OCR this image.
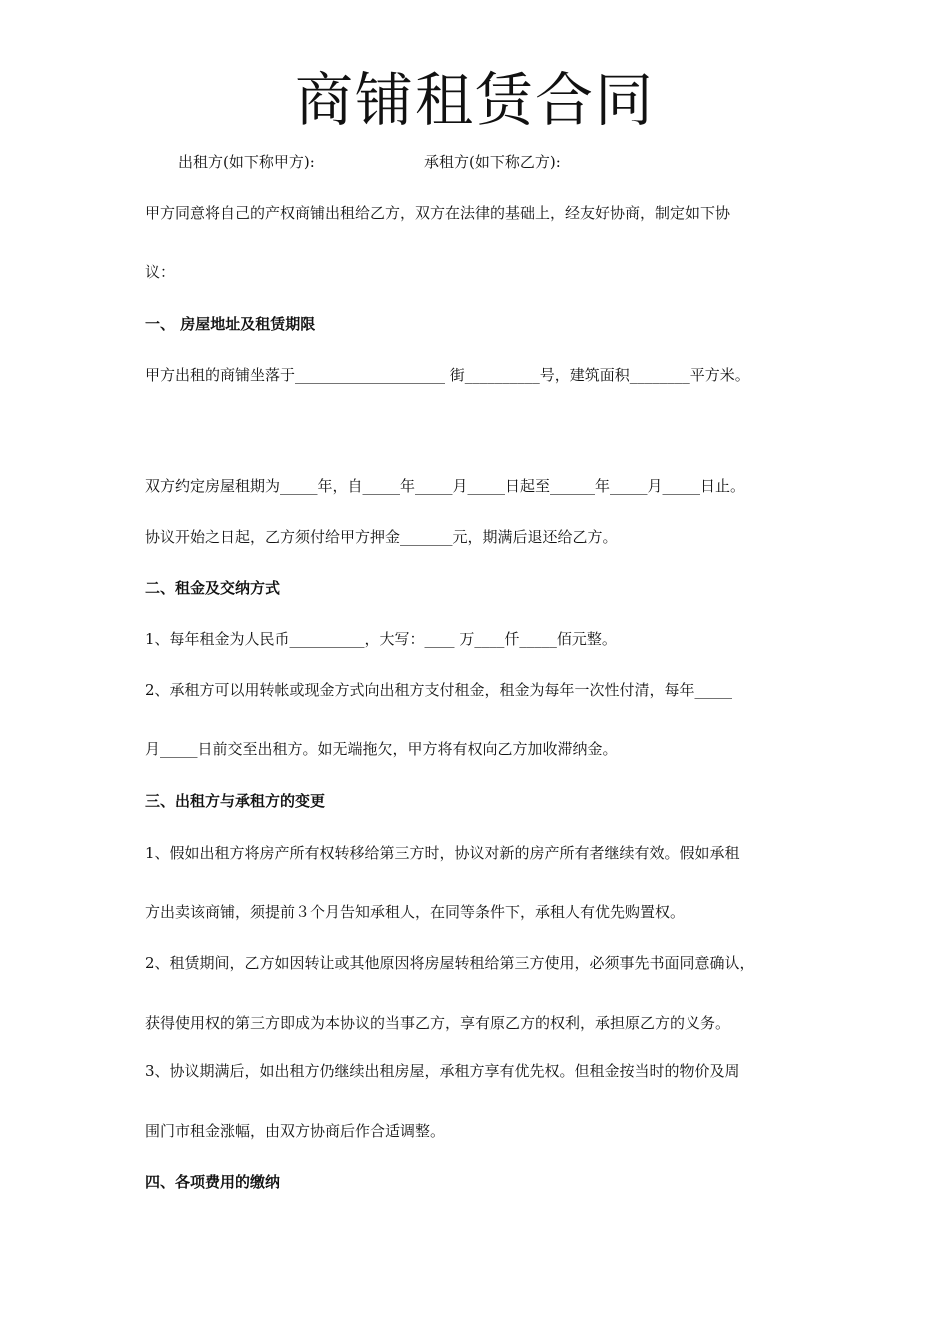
商铺租赁合同
出租方(如下称甲方):	承租方(如下称乙方):
甲方同意将自己的产权商铺出租给乙方，双方在法律的基础上，经友好协商，制定如下协
议：
一、 房屋地址及租赁期限
甲方出租的商铺坐落于____________________ 街__________号，建筑面积________平方米。
双方约定房屋租期为_____年，自_____年_____月_____日起至______年_____月_____日止。
协议开始之日起，乙方须付给甲方押金_______元，期满后退还给乙方。
二、租金及交纳方式
1、每年租金为人民币__________，大写：____ 万____仟_____佰元整。
2、承租方可以用转帐或现金方式向出租方支付租金，租金为每年一次性付清，每年_____
月_____日前交至出租方。如无端拖欠，甲方将有权向乙方加收滞纳金。
三、出租方与承租方的变更
1、假如出租方将房产所有权转移给第三方时，协议对新的房产所有者继续有效。假如承租
方出卖该商铺，须提前３个月告知承租人，在同等条件下，承租人有优先购置权。
2、租赁期间，乙方如因转让或其他原因将房屋转租给第三方使用，必须事先书面同意确认，
获得使用权的第三方即成为本协议的当事乙方，享有原乙方的权利，承担原乙方的义务。
3、协议期满后，如出租方仍继续出租房屋，承租方享有优先权。但租金按当时的物价及周
围门市租金涨幅，由双方协商后作合适调整。
四、各项费用的缴纳
